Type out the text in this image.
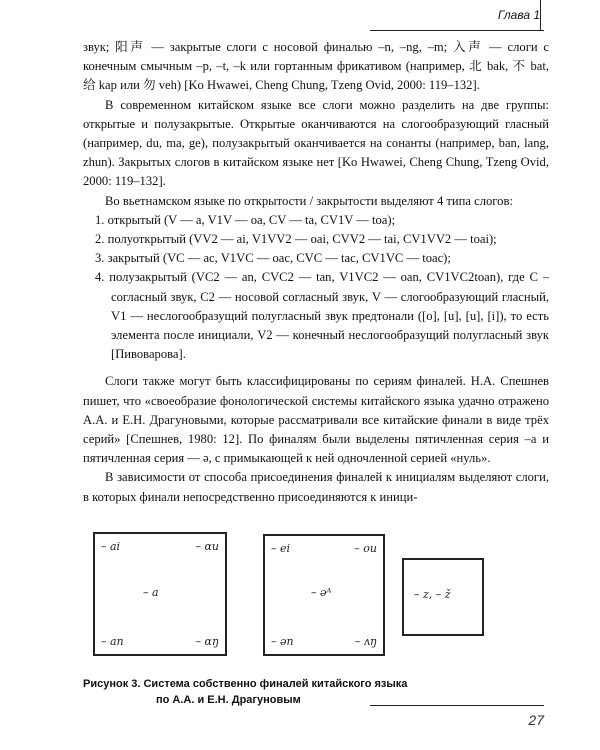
Глава 1

звук; 阳声 — закрытые слоги с носовой финалью –n, –ng, –m; 入声 — слоги с конечным смычным –p, –t, –k или гортанным фрикативом (например, 北 bak, 不 bat, 给 kap или 勿 veh) [Ko Hwawei, Cheng Chung, Tzeng Ovid, 2000: 119–132].

В современном китайском языке все слоги можно разделить на две группы: открытые и полузакрытые. Открытые оканчиваются на слогообразующий гласный (например, du, ma, ge), полузакрытый оканчивается на сонанты (например, ban, lang, zhun). Закрытых слогов в китайском языке нет [Ko Hwawei, Cheng Chung, Tzeng Ovid, 2000: 119–132].

Во вьетнамском языке по открытости / закрытости выделяют 4 типа слогов:

1. открытый (V — a, V1V — oa, CV — ta, CV1V — toa);
2. полуоткрытый (VV2 — ai, V1VV2 — oai, CVV2 — tai, CV1VV2 — toai);
3. закрытый (VC — ac, V1VC — oac, CVC — tac, CV1VC — toac);
4. полузакрытый (VC2 — an, CVC2 — tan, V1VC2 — oan, CV1VC2toan), где C – согласный звук, C2 — носовой согласный звук, V — слогообразующий гласный, V1 — неслогообразущий полугласный звук предтонали ([o], [u], [u], [i]), то есть элемента после инициали, V2 — конечный неслогообразущий полугласный звук [Пивоварова].

Слоги также могут быть классифицированы по сериям финалей. Н.А. Спешнев пишет, что «своеобразие фонологической системы китайского языка удачно отражено А.А. и Е.Н. Драгуновыми, которые рассматривали все китайские финали в виде трёх серий» [Спешнев, 1980: 12]. По финалям были выделены пятичленная серия –a и пятичленная серия — ə, с примыкающей к ней одночленной серией «нуль».

В зависимости от способа присоединения финалей к инициалям выделяют слоги, в которых финали непосредственно присоединяются к иници-

– ai	– αu
– a
– an	– αŋ
– ei	– ou
– əᴬ
– ən	– ʌŋ
– z, – ž
Рисунок 3. Система собственно финалей китайского языка
по А.А. и Е.Н. Драгуновым
27
